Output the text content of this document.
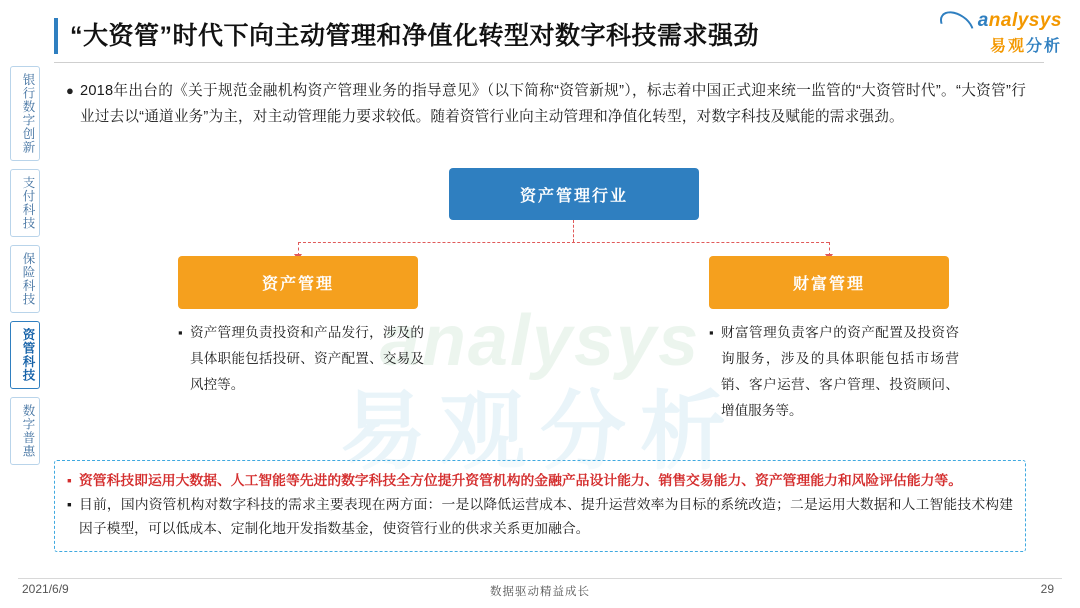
analysys
易观分析
银行数字创新
支付科技
保险科技
资管科技
数字普惠
“大资管”时代下向主动管理和净值化转型对数字科技需求强劲
analysys
易观分析
● 2018年出台的《关于规范金融机构资产管理业务的指导意见》（以下简称“资管新规”），标志着中国正式迎来统一监管的“大资管时代”。“大资管”行业过去以“通道业务”为主，对主动管理能力要求较低。随着资管行业向主动管理和净值化转型，对数字科技及赋能的需求强劲。
资产管理行业
资产管理	财富管理
▪ 资产管理负责投资和产品发行，涉及的具体职能包括投研、资产配置、交易及风控等。
▪ 财富管理负责客户的资产配置及投资咨询服务，涉及的具体职能包括市场营销、客户运营、客户管理、投资顾问、增值服务等。
▪ 资管科技即运用大数据、人工智能等先进的数字科技全方位提升资管机构的金融产品设计能力、销售交易能力、资产管理能力和风险评估能力等。
▪ 目前，国内资管机构对数字科技的需求主要表现在两方面：一是以降低运营成本、提升运营效率为目标的系统改造；二是运用大数据和人工智能技术构建因子模型，可以低成本、定制化地开发指数基金，使资管行业的供求关系更加融合。
2021/6/9	数据驱动精益成长	29
